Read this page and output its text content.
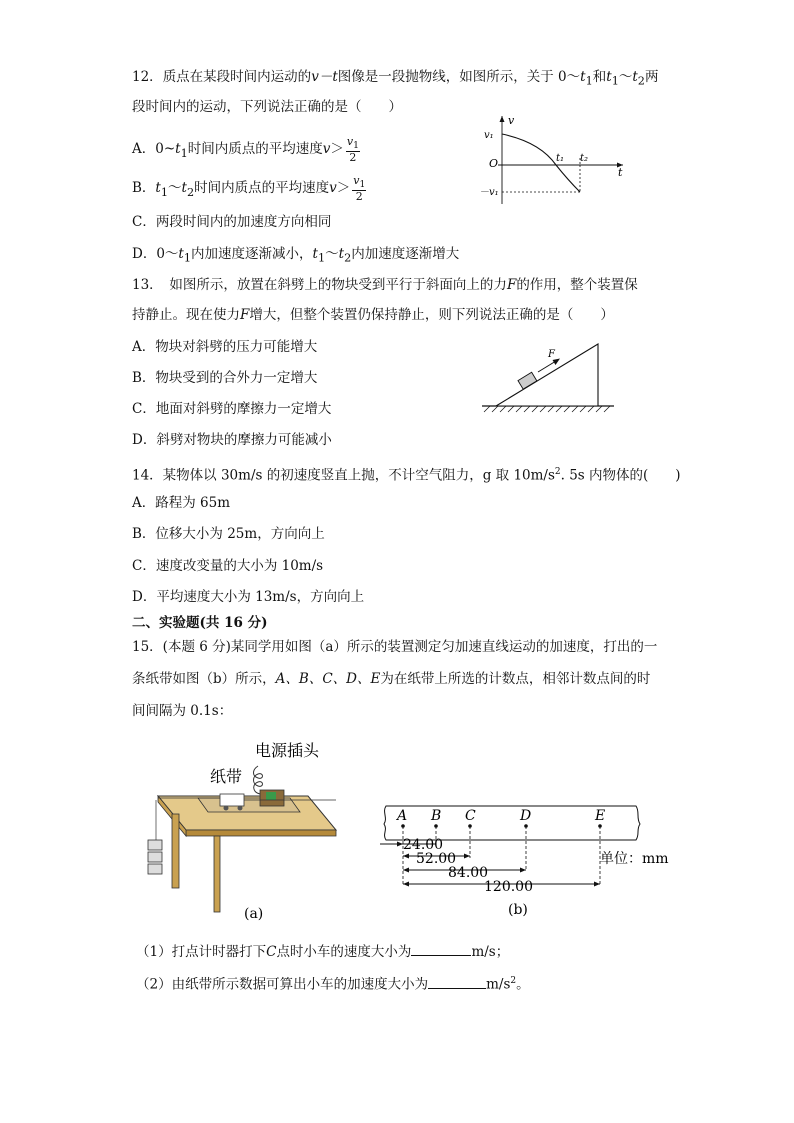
12．质点在某段时间内运动的v－t图像是一段抛物线，如图所示，关于 $0\sim t_1$和$t_1\sim t_2$两
段时间内的运动，下列说法正确的是（　　）
A．$0\sim t_1$时间内质点的平均速度$v> \frac{v_1}{2}$
B．$t_1\sim t_2$时间内质点的平均速度$v> \frac{v_1}{2}$
C．两段时间内的加速度方向相同
D．$0\sim t_1$内加速度逐渐减小，$t_1\sim t_2$内加速度逐渐增大
v₁
v
O	t₁ t₂
t
－v₁
13．　如图所示，放置在斜劈上的物块受到平行于斜面向上的力F的作用，整个装置保
持静止。现在使力F增大，但整个装置仍保持静止，则下列说法正确的是（　　）
A．物块对斜劈的压力可能增大
B．物块受到的合外力一定增大
C．地面对斜劈的摩擦力一定增大
D．斜劈对物块的摩擦力可能减小
F
14．某物体以 30m/s 的初速度竖直上抛，不计空气阻力，g 取 $10m/s^2$. 5s 内物体的(　　)
A．路程为 65m
B．位移大小为 25m，方向向上
C．速度改变量的大小为 10m/s
D．平均速度大小为 13m/s，方向向上
二、实验题(共 16 分)
15．(本题 6 分)某同学用如图（a）所示的装置测定匀加速直线运动的加速度，打出的一
条纸带如图（b）所示，A、B、C、D、E为在纸带上所选的计数点，相邻计数点间的时
间间隔为 0.1s：
电源插头
纸带
(a)
A B C	D	E
24.00
52.00
84.00
120.00
单位：mm
(b)
（1）打点计时器打下C点时小车的速度大小为	m/s；
（2）由纸带所示数据可算出小车的加速度大小为	$m/s^2$。
